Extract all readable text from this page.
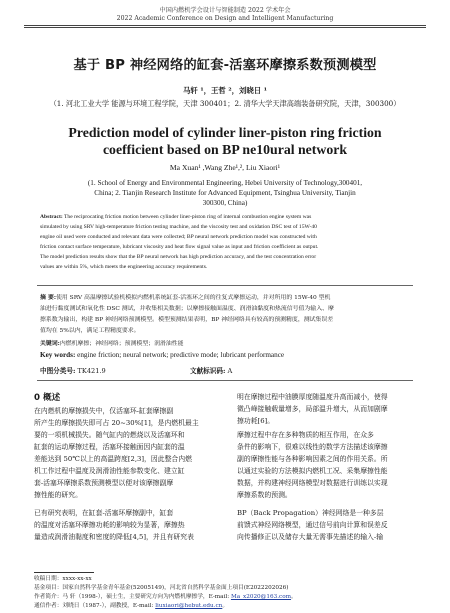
中国内燃机学会设计与智能制造 2022 学术年会
2022 Academic Conference on Design and Intelligent Manufacturing
基于 BP 神经网络的缸套-活塞环摩擦系数预测模型
马轩 ¹，王哲 ²，刘晓日 ¹
（1. 河北工业大学 能源与环境工程学院，天津 300401；2. 清华大学天津高端装备研究院，天津，300300）
Prediction model of cylinder liner-piston ring friction
coefficient based on BP ne10ural network
Ma Xuan¹ ,Wang Zhe¹,², Liu Xiaori¹
(1. School of Energy and Environmental Engineering, Hebei University of Technology,300401,
China; 2. Tianjin Research Institute for Advanced Equipment, Tsinghua University, Tianjin
300300, China)
Abstract: The reciprocating friction motion between cylinder liner-piston ring of internal combustion engine system was
simulated by using SRV high-temperature friction testing machine, and the viscosity test and oxidation DSC test of 15W-40
engine oil used were conducted and relevant data were collected; BP neural network prediction model was constructed with
friction contact surface temperature, lubricant viscosity and heat flow signal value as input and friction coefficient as output.
The model prediction results show that the BP neural network has high prediction accuracy, and the test concentration error
values are within 5%, which meets the engineering accuracy requirements.
摘 要:使用 SRV 高温摩擦试验机模拟内燃机系统缸套-活塞环之间的往复式摩擦运动，并对所用的 15W-40 型机
油进行黏度测试和氧化性 DSC 测试，并收集相关数据；以摩擦接触面温度、润滑油黏度和热流信号值为输入、摩
擦系数为输出，构建 BP 神经网络预测模型。模型预测结果表明，BP 神经网络具有较高的预测精度，测试集误差
值均在 5%以内，满足工程精度要求。
关键词:内燃机摩擦；神经网络；预测模型；润滑油性能
Key words: engine friction; neural network; predictive mode; lubricant performance
中图分类号: TK421.9	文献标识码: A
0 概述
在内燃机的摩擦损失中，仅活塞环-缸套摩擦副
所产生的摩擦损失即可占 20~30%[1]，是内燃机最主
要的一项机械损失。随气缸内的燃烧以及活塞环和
缸套的运动摩擦过程，活塞环接触面因内缸套的温
差能达到 50℃以上的高温跨度[2,3]，因此整合内燃
机工作过程中温度及润滑油性能参数变化、建立缸
套-活塞环摩擦系数预测模型以便对该摩擦副摩
擦性能的研究。
已有研究表明，在缸套-活塞环摩擦副中，缸套
的温度对活塞环摩擦功耗的影响较为显著，摩擦热
量造成润滑油黏度和密度的降低[4,5]，并且有研究表
明在摩擦过程中油膜厚度随温度升高而减小，使得
微凸峰接触载量增多，局部温升增大，从而加剧摩
擦功耗[6]。
摩擦过程中存在多种物质的相互作用，在众多
条件的影响下，很难以线性的数学方法描述该摩擦
副的摩擦性能与各种影响因素之间的作用关系。所
以通过实验的方法模拟内燃机工况、采集摩擦性能
数据，并构建神经网络模型对数据进行训练以实现
摩擦系数的预测。
BP（Back Propagation）神经网络是一种多层
前馈式神经网络模型，通过信号前向计算和误差反
向传播修正以及储存大量无需事先描述的输入-输
收稿日期：xxxx-xx-xx
基金项目：国家自然科学基金青年基金(52005149)，河北省自然科学基金面上项目(E2022202026)
作者简介：马 轩（1998-），硕士生，主要研究方向为内燃机摩擦学，E-mail: Ma_x2020@163.com。
通信作者：刘晓日（1987-），副教授，E-mail: liuxiaori@hebut.edu.cn。
